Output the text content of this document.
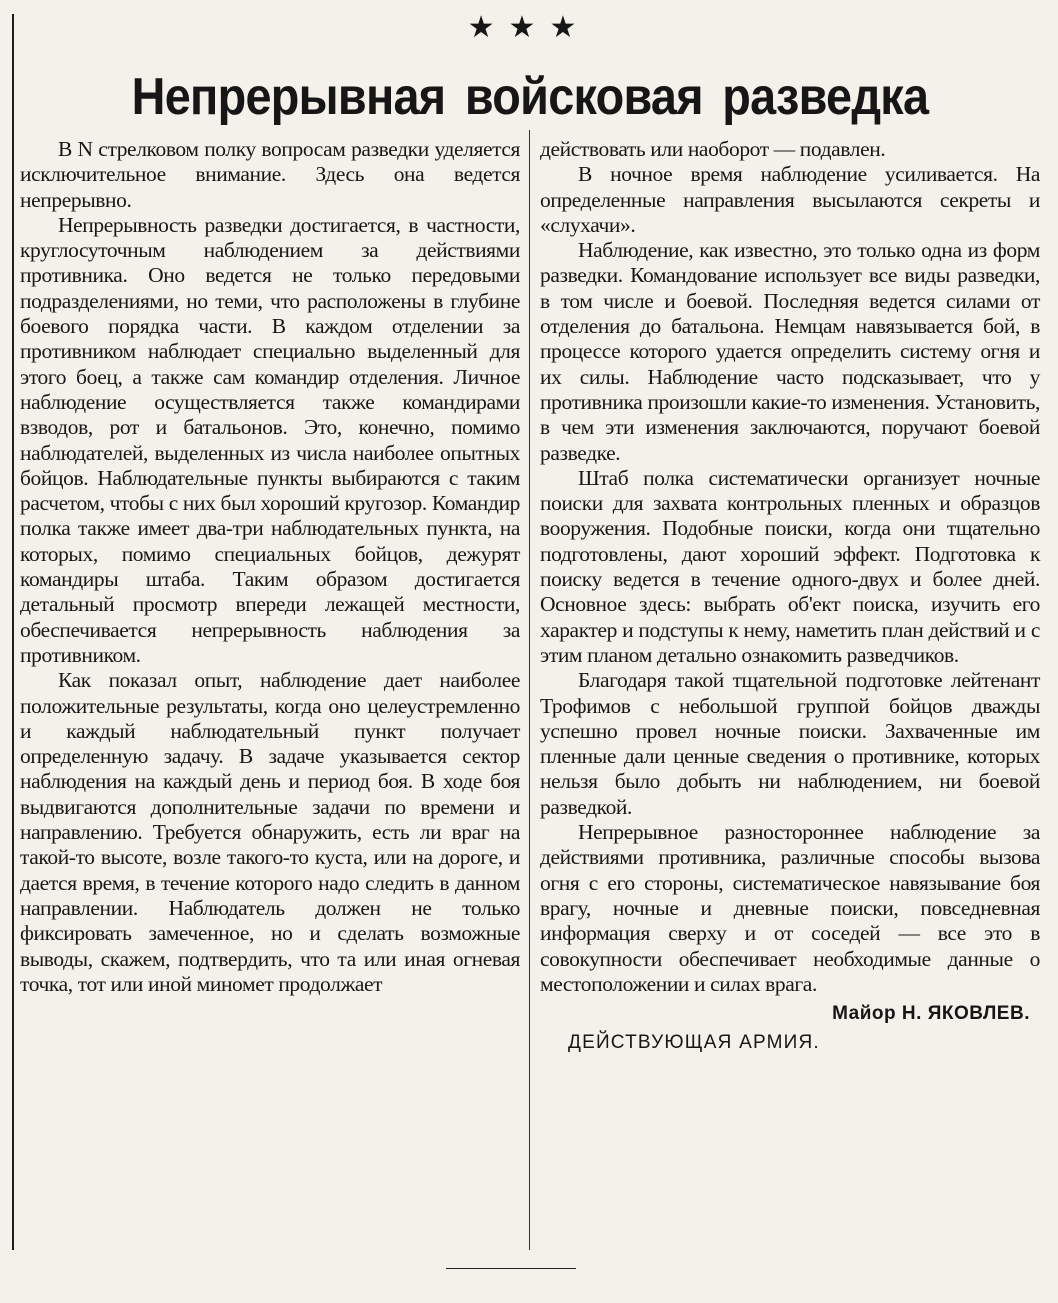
★★★
Непрерывная войсковая разведка

В N стрелковом полку вопросам разведки уделяется исключительное внимание. Здесь она ведется непрерывно.

Непрерывность разведки достигается, в частности, круглосуточным наблюдением за действиями противника. Оно ведется не только передовыми подразделениями, но теми, что расположены в глубине боевого порядка части. В каждом отделении за противником наблюдает специально выделенный для этого боец, а также сам командир отделения. Личное наблюдение осуществляется также командирами взводов, рот и батальонов. Это, конечно, помимо наблюдателей, выделенных из числа наиболее опытных бойцов. Наблюдательные пункты выбираются с таким расчетом, чтобы с них был хороший кругозор. Командир полка также имеет два-три наблюдательных пункта, на которых, помимо специальных бойцов, дежурят командиры штаба. Таким образом достигается детальный просмотр впереди лежащей местности, обеспечивается непрерывность наблюдения за противником.

Как показал опыт, наблюдение дает наиболее положительные результаты, когда оно целеустремленно и каждый наблюдательный пункт получает определенную задачу. В задаче указывается сектор наблюдения на каждый день и период боя. В ходе боя выдвигаются дополнительные задачи по времени и направлению. Требуется обнаружить, есть ли враг на такой-то высоте, возле такого-то куста, или на дороге, и дается время, в течение которого надо следить в данном направлении. Наблюдатель должен не только фиксировать замеченное, но и сделать возможные выводы, скажем, подтвердить, что та или иная огневая точка, тот или иной миномет продолжает

действовать или наоборот — подавлен.

В ночное время наблюдение усиливается. На определенные направления высылаются секреты и «слухачи».

Наблюдение, как известно, это только одна из форм разведки. Командование использует все виды разведки, в том числе и боевой. Последняя ведется силами от отделения до батальона. Немцам навязывается бой, в процессе которого удается определить систему огня и их силы. Наблюдение часто подсказывает, что у противника произошли какие-то изменения. Установить, в чем эти изменения заключаются, поручают боевой разведке.

Штаб полка систематически организует ночные поиски для захвата контрольных пленных и образцов вооружения. Подобные поиски, когда они тщательно подготовлены, дают хороший эффект. Подготовка к поиску ведется в течение одного-двух и более дней. Основное здесь: выбрать об'ект поиска, изучить его характер и подступы к нему, наметить план действий и с этим планом детально ознакомить разведчиков.

Благодаря такой тщательной подготовке лейтенант Трофимов с небольшой группой бойцов дважды успешно провел ночные поиски. Захваченные им пленные дали ценные сведения о противнике, которых нельзя было добыть ни наблюдением, ни боевой разведкой.

Непрерывное разностороннее наблюдение за действиями противника, различные способы вызова огня с его стороны, систематическое навязывание боя врагу, ночные и дневные поиски, повседневная информация сверху и от соседей — все это в совокупности обеспечивает необходимые данные о местоположении и силах врага.

Майор Н. ЯКОВЛЕВ.

ДЕЙСТВУЮЩАЯ АРМИЯ.
